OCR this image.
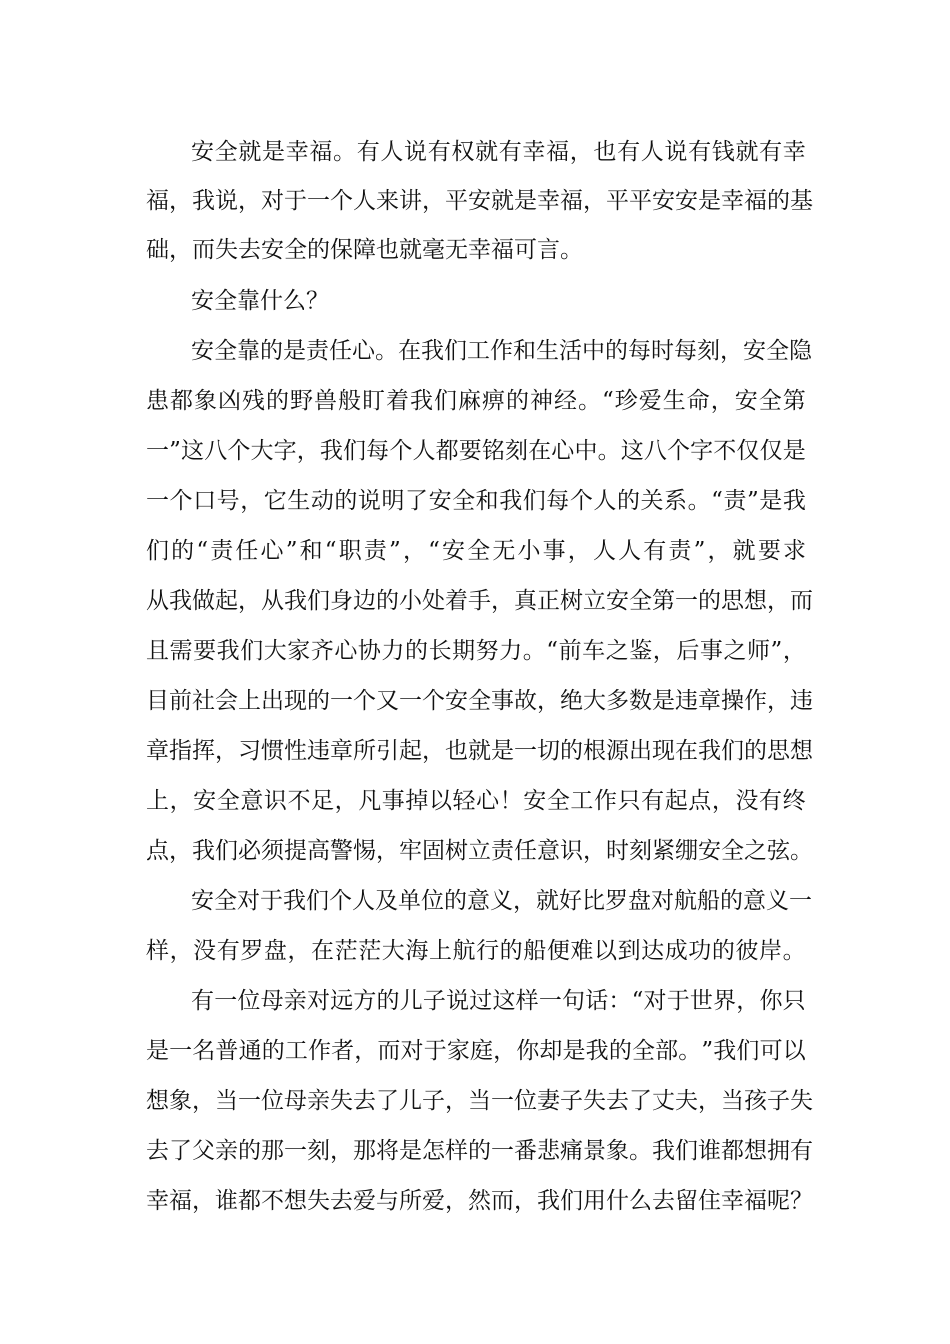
安 全 就 是 幸 福 。 有 人 说 有 权 就 有 幸 福 ， 也 有 人 说 有 钱 就 有 幸
福 ， 我 说 ， 对 于 一 个 人 来 讲 ， 平 安 就 是 幸 福 ， 平 平 安 安 是 幸 福 的 基
础，而失去安全的保障也就毫无幸福可言。
安全靠什么？
安 全 靠 的 是 责 任 心 。 在 我 们 工 作 和 生 活 中 的 每 时 每 刻 ， 安 全 隐
患 都 象 凶 残 的 野 兽 般 盯 着 我 们 麻 痹 的 神 经 。 “ 珍 爱 生 命 ， 安 全 第
一 ” 这 八 个 大 字 ， 我 们 每 个 人 都 要 铭 刻 在 心 中 。 这 八 个 字 不 仅 仅 是
一 个 口 号 ， 它 生 动 的 说 明 了 安 全 和 我 们 每 个 人 的 关 系 。 “ 责 ” 是 我
们 的 “ 责 任 心 ” 和 “ 职 责 ” ， “ 安 全 无 小 事 ， 人 人 有 责 ” ， 就 要 求
从 我 做 起 ， 从 我 们 身 边 的 小 处 着 手 ， 真 正 树 立 安 全 第 一 的 思 想 ， 而
且 需 要 我 们 大 家 齐 心 协 力 的 长 期 努 力 。 “ 前 车 之 鉴 ， 后 事 之 师 ” ，
目 前 社 会 上 出 现 的 一 个 又 一 个 安 全 事 故 ， 绝 大 多 数 是 违 章 操 作 ， 违
章 指 挥 ， 习 惯 性 违 章 所 引 起 ， 也 就 是 一 切 的 根 源 出 现 在 我 们 的 思 想
上 ， 安 全 意 识 不 足 ， 凡 事 掉 以 轻 心 ！ 安 全 工 作 只 有 起 点 ， 没 有 终
点 ， 我 们 必 须 提 高 警 惕 ， 牢 固 树 立 责 任 意 识 ， 时 刻 紧 绷 安 全 之 弦 。
安 全 对 于 我 们 个 人 及 单 位 的 意 义 ， 就 好 比 罗 盘 对 航 船 的 意 义 一
样 ， 没 有 罗 盘 ， 在 茫 茫 大 海 上 航 行 的 船 便 难 以 到 达 成 功 的 彼 岸 。
有 一 位 母 亲 对 远 方 的 儿 子 说 过 这 样 一 句 话 ： “ 对 于 世 界 ， 你 只
是 一 名 普 通 的 工 作 者 ， 而 对 于 家 庭 ， 你 却 是 我 的 全 部 。 ” 我 们 可 以
想 象 ， 当 一 位 母 亲 失 去 了 儿 子 ， 当 一 位 妻 子 失 去 了 丈 夫 ， 当 孩 子 失
去 了 父 亲 的 那 一 刻 ， 那 将 是 怎 样 的 一 番 悲 痛 景 象 。 我 们 谁 都 想 拥 有
幸 福 ， 谁 都 不 想 失 去 爱 与 所 爱 ， 然 而 ， 我 们 用 什 么 去 留 住 幸 福 呢 ？
